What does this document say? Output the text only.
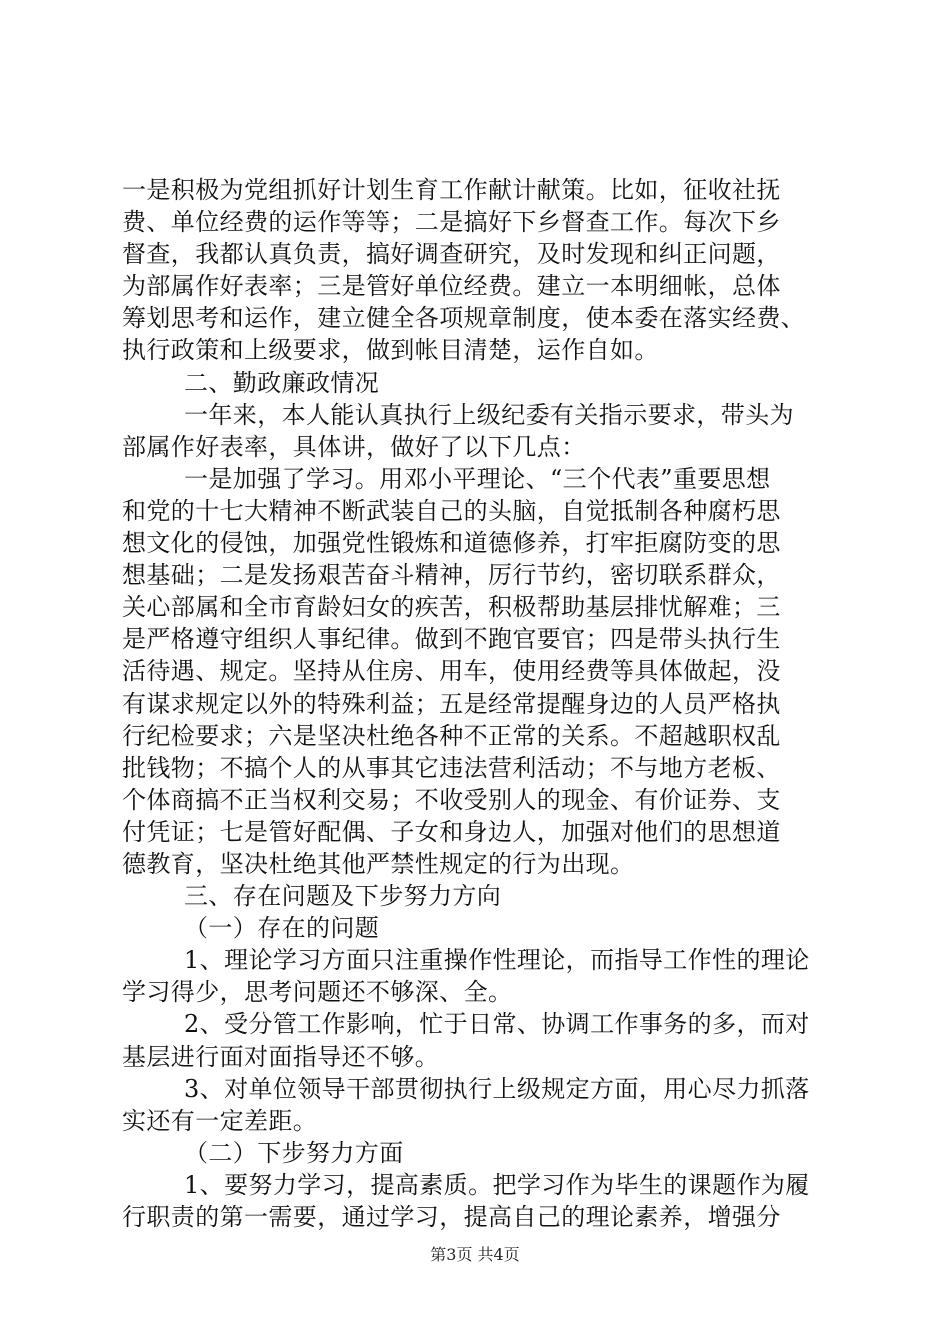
一是积极为党组抓好计划生育工作献计献策。比如，征收社抚
费、单位经费的运作等等；二是搞好下乡督查工作。每次下乡
督查，我都认真负责，搞好调查研究，及时发现和纠正问题，
为部属作好表率；三是管好单位经费。建立一本明细帐，总体
筹划思考和运作，建立健全各项规章制度，使本委在落实经费、
执行政策和上级要求，做到帐目清楚，运作自如。
二、勤政廉政情况
一年来，本人能认真执行上级纪委有关指示要求，带头为
部属作好表率，具体讲，做好了以下几点：
一是加强了学习。用邓小平理论、“三个代表”重要思想
和党的十七大精神不断武装自己的头脑，自觉抵制各种腐朽思
想文化的侵蚀，加强党性锻炼和道德修养，打牢拒腐防变的思
想基础；二是发扬艰苦奋斗精神，厉行节约，密切联系群众，
关心部属和全市育龄妇女的疾苦，积极帮助基层排忧解难；三
是严格遵守组织人事纪律。做到不跑官要官；四是带头执行生
活待遇、规定。坚持从住房、用车，使用经费等具体做起，没
有谋求规定以外的特殊利益；五是经常提醒身边的人员严格执
行纪检要求；六是坚决杜绝各种不正常的关系。不超越职权乱
批钱物；不搞个人的从事其它违法营利活动；不与地方老板、
个体商搞不正当权利交易；不收受别人的现金、有价证券、支
付凭证；七是管好配偶、子女和身边人，加强对他们的思想道
德教育，坚决杜绝其他严禁性规定的行为出现。
三、存在问题及下步努力方向
（一）存在的问题
1、理论学习方面只注重操作性理论，而指导工作性的理论
学习得少，思考问题还不够深、全。
2、受分管工作影响，忙于日常、协调工作事务的多，而对
基层进行面对面指导还不够。
3、对单位领导干部贯彻执行上级规定方面，用心尽力抓落
实还有一定差距。
（二）下步努力方面
1、要努力学习，提高素质。把学习作为毕生的课题作为履
行职责的第一需要，通过学习，提高自己的理论素养，增强分
第3页 共4页
